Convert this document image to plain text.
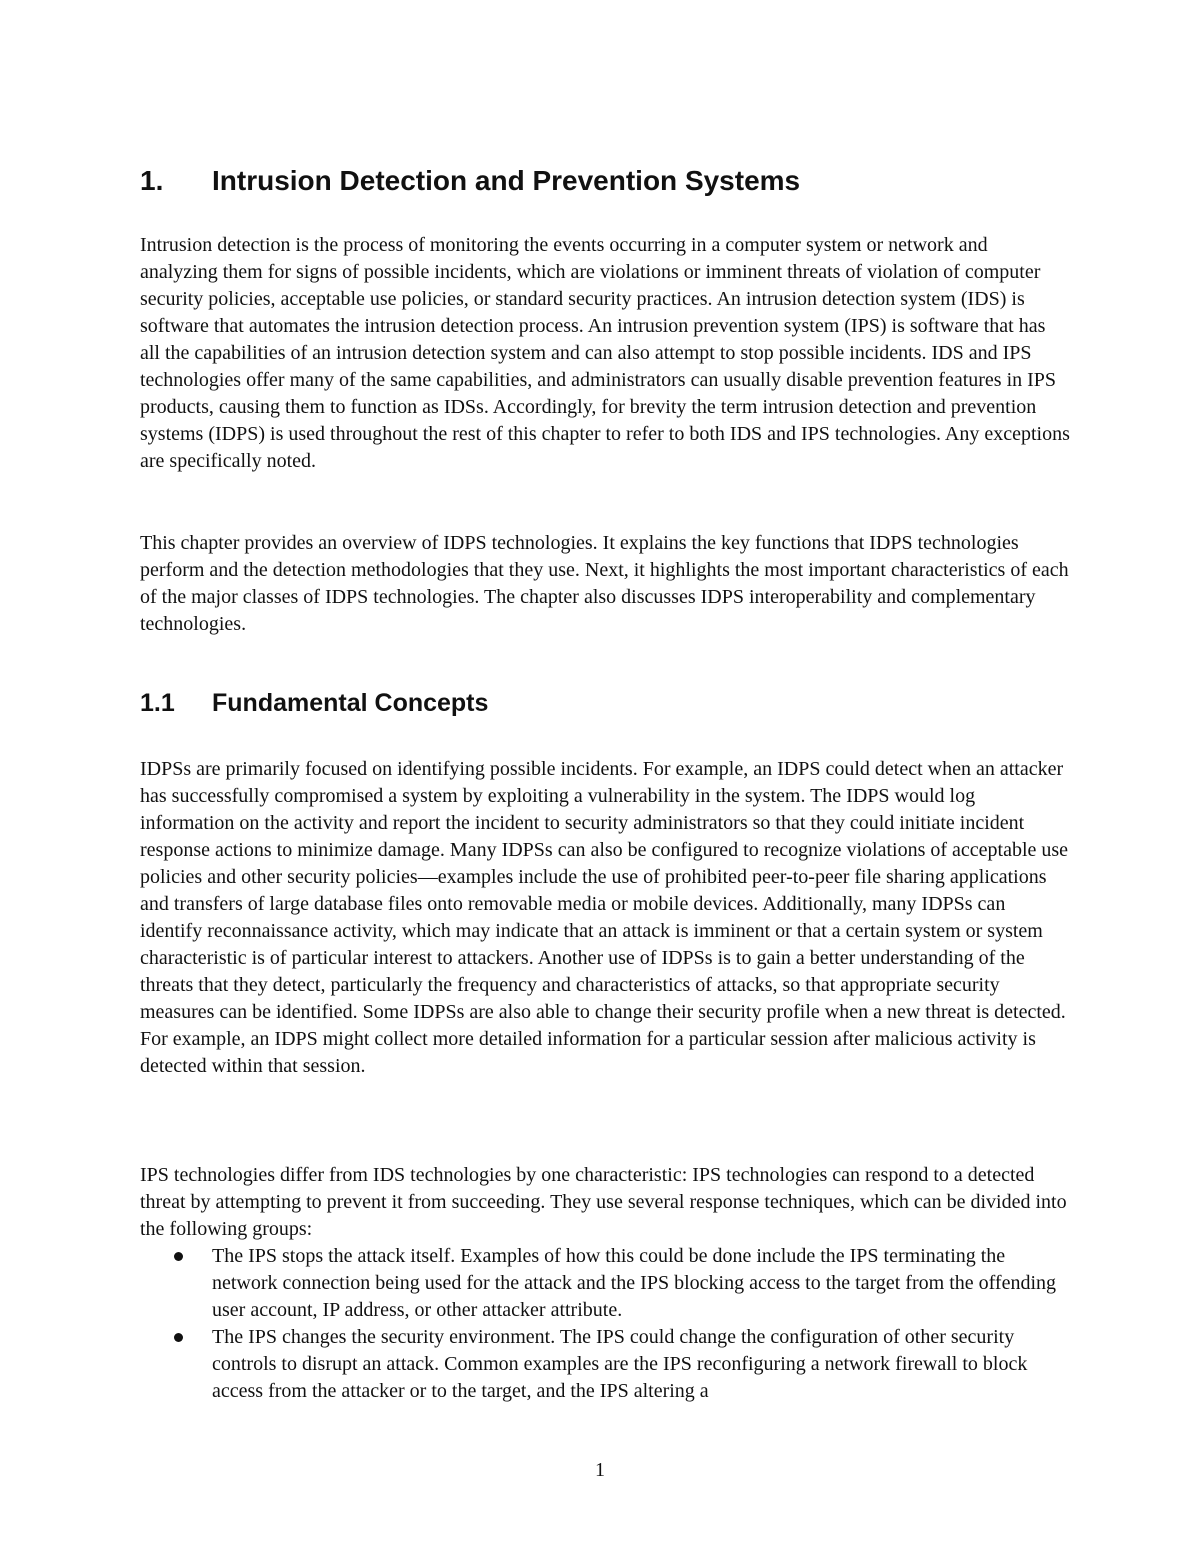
1. Intrusion Detection and Prevention Systems

Intrusion detection is the process of monitoring the events occurring in a computer system or network and analyzing them for signs of possible incidents, which are violations or imminent threats of violation of computer security policies, acceptable use policies, or standard security practices. An intrusion detection system (IDS) is software that automates the intrusion detection process. An intrusion prevention system (IPS) is software that has all the capabilities of an intrusion detection system and can also attempt to stop possible incidents. IDS and IPS technologies offer many of the same capabilities, and administrators can usually disable prevention features in IPS products, causing them to function as IDSs. Accordingly, for brevity the term intrusion detection and prevention systems (IDPS) is used throughout the rest of this chapter to refer to both IDS and IPS technologies. Any exceptions are specifically noted.

This chapter provides an overview of IDPS technologies. It explains the key functions that IDPS technologies perform and the detection methodologies that they use. Next, it highlights the most important characteristics of each of the major classes of IDPS technologies. The chapter also discusses IDPS interoperability and complementary technologies.

1.1 Fundamental Concepts

IDPSs are primarily focused on identifying possible incidents. For example, an IDPS could detect when an attacker has successfully compromised a system by exploiting a vulnerability in the system. The IDPS would log information on the activity and report the incident to security administrators so that they could initiate incident response actions to minimize damage. Many IDPSs can also be configured to recognize violations of acceptable use policies and other security policies—examples include the use of prohibited peer-to-peer file sharing applications and transfers of large database files onto removable media or mobile devices. Additionally, many IDPSs can identify reconnaissance activity, which may indicate that an attack is imminent or that a certain system or system characteristic is of particular interest to attackers. Another use of IDPSs is to gain a better understanding of the threats that they detect, particularly the frequency and characteristics of attacks, so that appropriate security measures can be identified. Some IDPSs are also able to change their security profile when a new threat is detected. For example, an IDPS might collect more detailed information for a particular session after malicious activity is detected within that session.

IPS technologies differ from IDS technologies by one characteristic: IPS technologies can respond to a detected threat by attempting to prevent it from succeeding. They use several response techniques, which can be divided into the following groups:

The IPS stops the attack itself. Examples of how this could be done include the IPS terminating the network connection being used for the attack and the IPS blocking access to the target from the offending user account, IP address, or other attacker attribute.
The IPS changes the security environment. The IPS could change the configuration of other security controls to disrupt an attack. Common examples are the IPS reconfiguring a network firewall to block access from the attacker or to the target, and the IPS altering a
1
